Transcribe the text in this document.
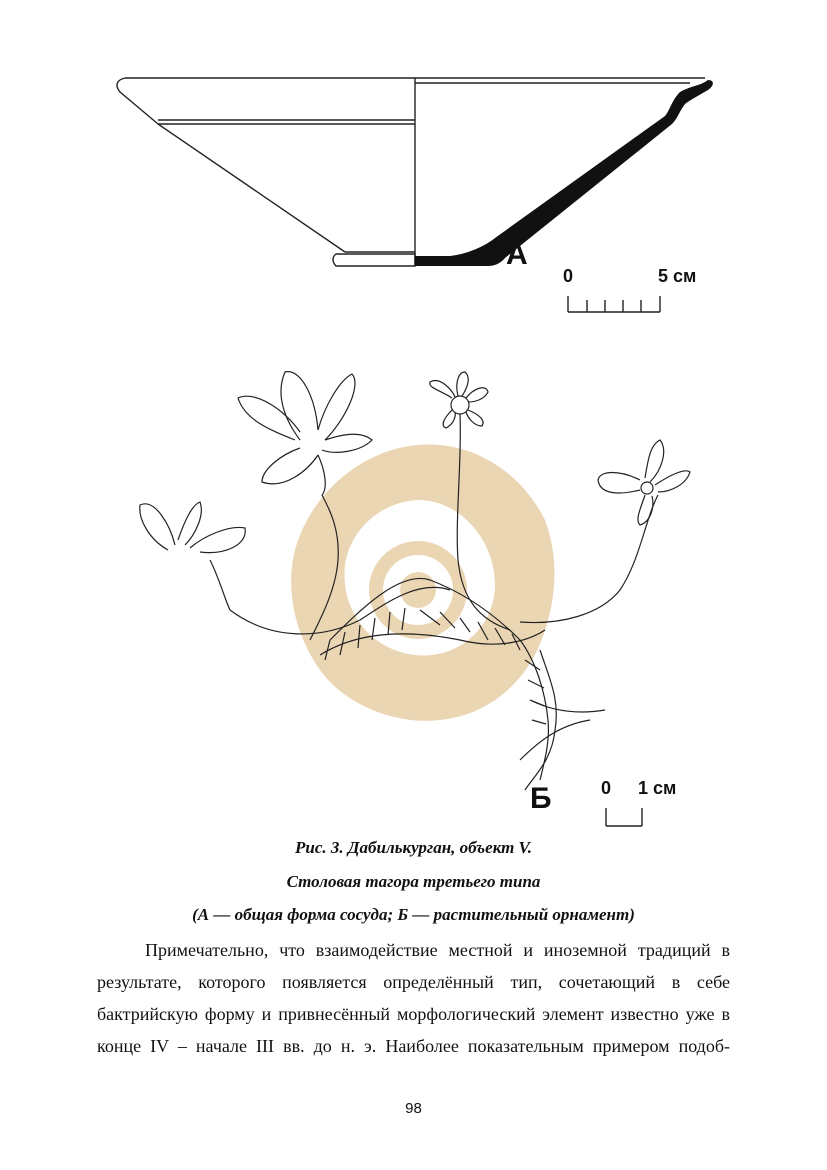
А
0	5 см
Б	0 1 см
Рис. 3. Дабилькурган, объект V.
Столовая тагора третьего типа
(А — общая форма сосуда; Б — растительный орнамент)

Примечательно, что взаимодействие местной и иноземной традиций в результате, которого появляется определённый тип, сочетающий в себе бактрийскую форму и привнесённый морфологический элемент известно уже в конце IV – начале III вв. до н. э. Наиболее показательным примером подоб-

98
